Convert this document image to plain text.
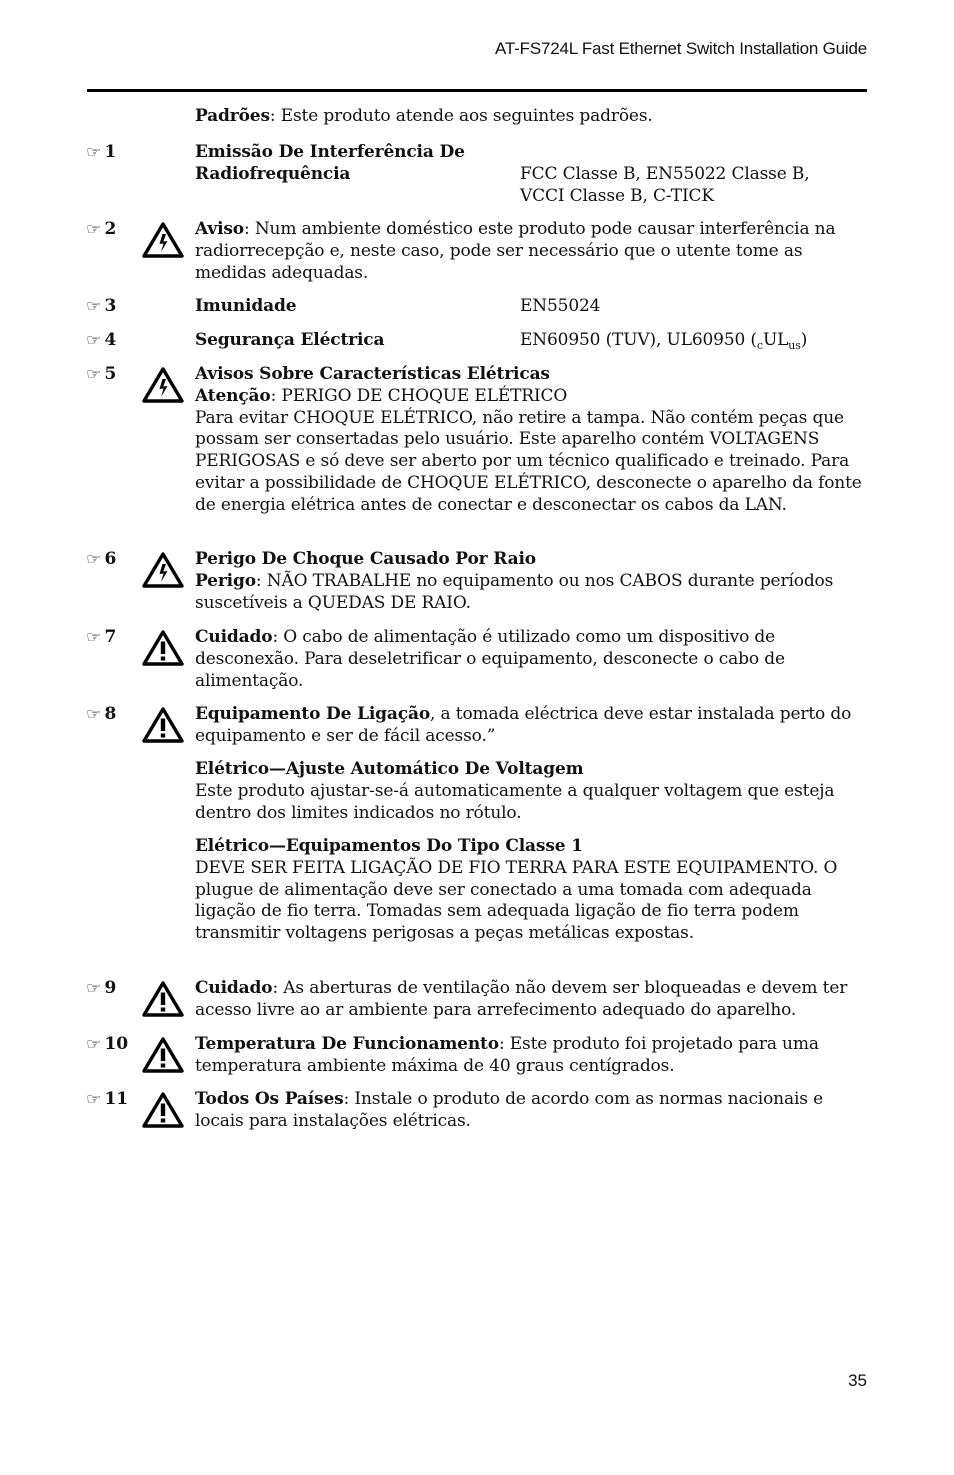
AT-FS724L Fast Ethernet Switch Installation Guide
Padrões: Este produto atende aos seguintes padrões.
☞ 1	Emissão De Interferência De
Radiofrequência	FCC Classe B, EN55022 Classe B,
VCCI Classe B, C-TICK
☞ 2	Aviso: Num ambiente doméstico este produto pode causar interferência na radiorrecepção e, neste caso, pode ser necessário que o utente tome as medidas adequadas.
☞ 3	Imunidade	EN55024
☞ 4	Segurança Eléctrica	EN60950 (TUV), UL60950 $(_cUL_{us})$
☞ 5	Avisos Sobre Características Elétricas
Atenção: PERIGO DE CHOQUE ELÉTRICO
Para evitar CHOQUE ELÉTRICO, não retire a tampa. Não contém peças que possam ser consertadas pelo usuário. Este aparelho contém VOLTAGENS PERIGOSAS e só deve ser aberto por um técnico qualificado e treinado. Para evitar a possibilidade de CHOQUE ELÉTRICO, desconecte o aparelho da fonte de energia elétrica antes de conectar e desconectar os cabos da LAN.
☞ 6	Perigo De Choque Causado Por Raio
Perigo: NÃO TRABALHE no equipamento ou nos CABOS durante períodos suscetíveis a QUEDAS DE RAIO.
☞ 7	Cuidado: O cabo de alimentação é utilizado como um dispositivo de desconexão. Para deseletrificar o equipamento, desconecte o cabo de alimentação.
☞ 8	Equipamento De Ligação, a tomada eléctrica deve estar instalada perto do equipamento e ser de fácil acesso.”
Elétrico—Ajuste Automático De Voltagem
Este produto ajustar-se-á automaticamente a qualquer voltagem que esteja dentro dos limites indicados no rótulo.
Elétrico—Equipamentos Do Tipo Classe 1
DEVE SER FEITA LIGAÇÃO DE FIO TERRA PARA ESTE EQUIPAMENTO. O plugue de alimentação deve ser conectado a uma tomada com adequada ligação de fio terra. Tomadas sem adequada ligação de fio terra podem transmitir voltagens perigosas a peças metálicas expostas.
☞ 9	Cuidado: As aberturas de ventilação não devem ser bloqueadas e devem ter acesso livre ao ar ambiente para arrefecimento adequado do aparelho.
☞ 10	Temperatura De Funcionamento: Este produto foi projetado para uma temperatura ambiente máxima de 40 graus centígrados.
☞ 11	Todos Os Países: Instale o produto de acordo com as normas nacionais e locais para instalações elétricas.
35
